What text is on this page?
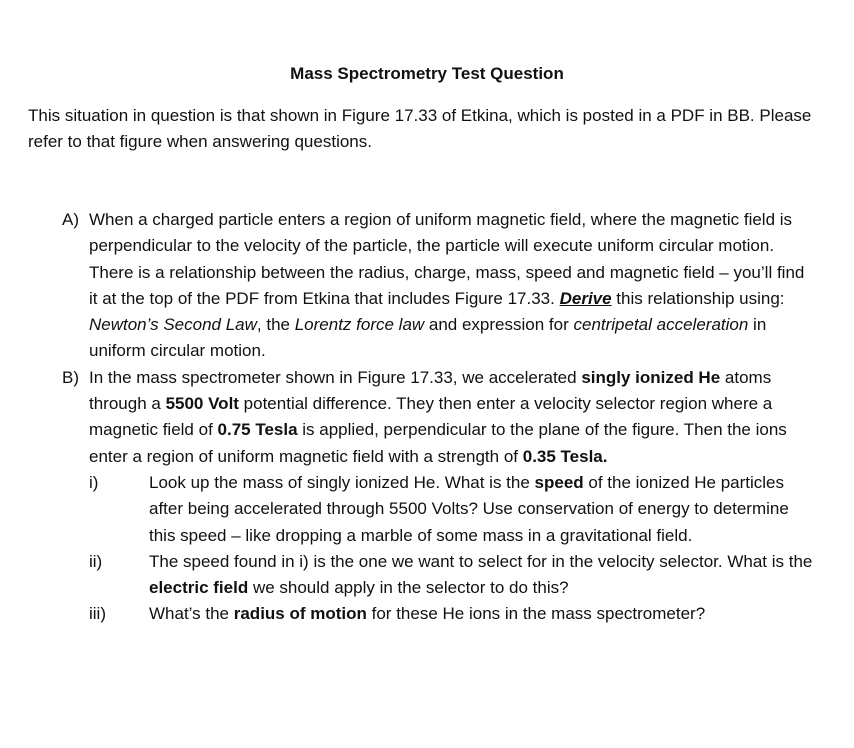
Mass Spectrometry Test Question

This situation in question is that shown in Figure 17.33 of Etkina, which is posted in a PDF in BB. Please refer to that figure when answering questions.

A) When a charged particle enters a region of uniform magnetic field, where the magnetic field is perpendicular to the velocity of the particle, the particle will execute uniform circular motion. There is a relationship between the radius, charge, mass, speed and magnetic field – you’ll find it at the top of the PDF from Etkina that includes Figure 17.33. Derive this relationship using: Newton’s Second Law, the Lorentz force law and expression for centripetal acceleration in uniform circular motion.
B) In the mass spectrometer shown in Figure 17.33, we accelerated singly ionized He atoms through a 5500 Volt potential difference. They then enter a velocity selector region where a magnetic field of 0.75 Tesla is applied, perpendicular to the plane of the figure. Then the ions enter a region of uniform magnetic field with a strength of 0.35 Tesla.
i)	Look up the mass of singly ionized He. What is the speed of the ionized He particles after being accelerated through 5500 Volts? Use conservation of energy to determine this speed – like dropping a marble of some mass in a gravitational field.
ii)	The speed found in i) is the one we want to select for in the velocity selector. What is the electric field we should apply in the selector to do this?
iii)	What’s the radius of motion for these He ions in the mass spectrometer?
